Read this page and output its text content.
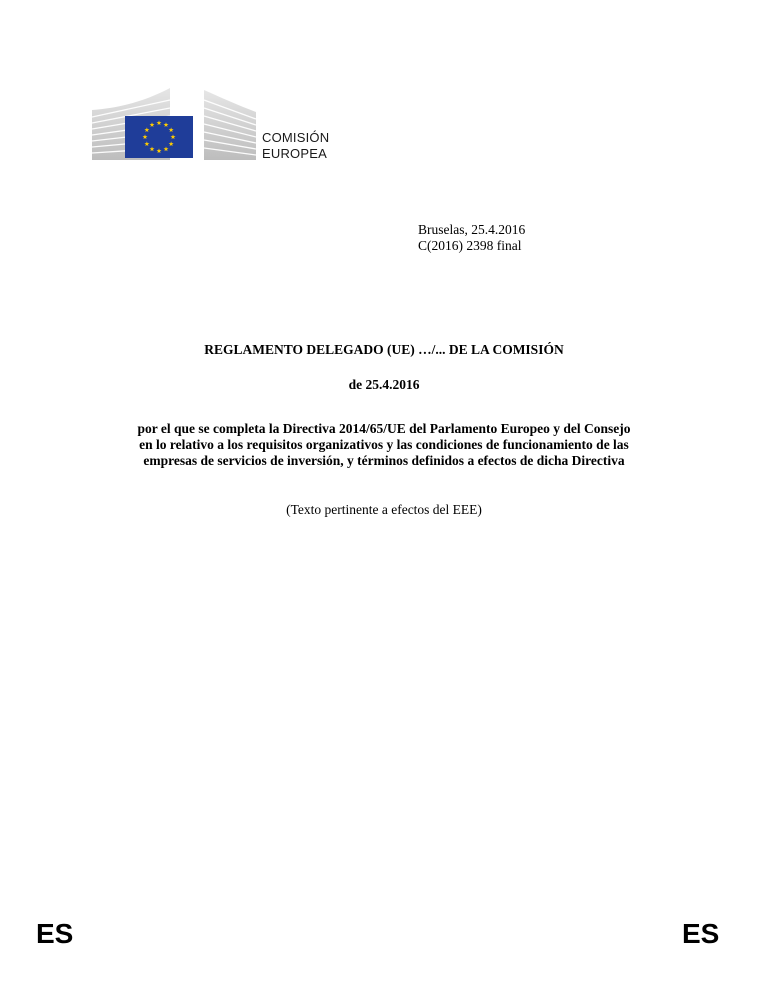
COMISIÓN
EUROPEA
Bruselas, 25.4.2016
C(2016) 2398 final
REGLAMENTO DELEGADO (UE) …/... DE LA COMISIÓN
de 25.4.2016
por el que se completa la Directiva 2014/65/UE del Parlamento Europeo y del Consejo
en lo relativo a los requisitos organizativos y las condiciones de funcionamiento de las
empresas de servicios de inversión, y términos definidos a efectos de dicha Directiva
(Texto pertinente a efectos del EEE)
ES	ES
